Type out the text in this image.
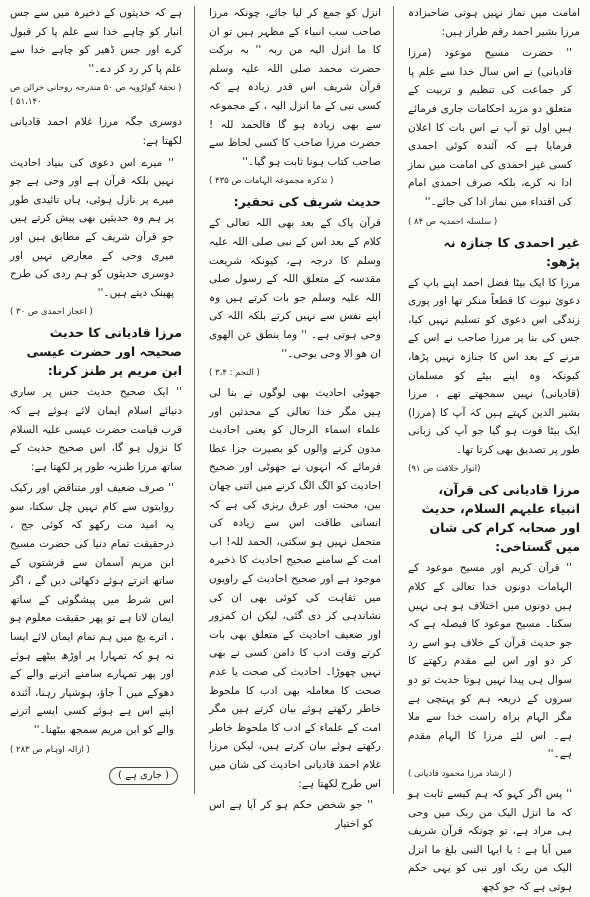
امامت میں نماز نہیں ہوتی صاحبزادہ مرزا بشیر احمد رقم طراز ہیں:

'' حضرت مسیح موعود (مرزا قادیانی) نے اس سال خدا سے علم پا کر جماعت کی تنظیم و تربیت کے متعلق دو مزید احکامات جاری فرمائے ہیں اول تو آپ نے اس بات کا اعلان فرمایا ہے کہ آئندہ کوئی احمدی کسی غیر احمدی کی امامت میں نماز ادا نہ کرے، بلکہ صرف احمدی امام کی اقتداء میں نماز ادا کی جائے۔''

( سلسلہ احمدیہ ص ۸۴ )
غیر احمدی کا جنازہ نہ پڑھو:

مرزا کا ایک بیٹا فضل احمد اپنے باپ کے دعوئ نبوت کا قطعاً منکر تھا اور پوری زندگی اس دعوی کو تسلیم نہیں کیا، جس کی بنا پر مرزا صاحب نے اس کے مرنے کے بعد اس کا جنازہ نہیں پڑھا، کیونکہ وہ اپنے بیٹے کو مسلمان (قادیانی) نہیں سمجھتے تھے ، مرزا بشیر الدین کہتے ہیں کہ آپ کا (مرزا) ایک بیٹا فوت ہو گیا جو آپ کی زبانی طور پر تصدیق بھی کرتا تھا۔

(انوار خلافت ص ۹۱)
مرزا قادیانی کی قرآن، انبیاء علیہم السلام، حدیث اور صحابہ کرام کی شان میں گستاخی:

'' قرآن کریم اور مسیح موعود کے الہامات دونوں خدا تعالی کے کلام ہیں دونوں میں اختلاف ہو ہی نہیں سکتا۔ مسیح موعود کا فیصلہ ہے کہ جو حدیث قرآن کے خلاف ہو اسے رد کر دو اور اس لیے مقدم رکھتے کا سوال ہی پیدا نہیں ہوتا حدیث تو دو سروں کے ذریعہ ہم کو پہنچی ہے مگر الہام براہ راست خدا سے ملا ہے۔ اس لئے مرزا کا الہام مقدم ہے۔''

( ارشاد مرزا محمود قادیانی )

'' پس اگر کہو کہ ہم کیسے ثابت ہو کہ ما انزل الیک من ربک میں وحی ہی مراد ہے، تو چونکہ قرآن شریف میں آیا ہے : یا ایہا النبی بلغ ما انزل الیک من ربک اور نبی کو یہی حکم ہوتی ہے کہ جو کچھ

انزل کو جمع کر لیا جائے، چونکہ مرزا صاحب سب انبیاء کے مظہر ہیں تو ان کا ما انزل الیہ من ربہ '' بہ برکت حضرت محمد صلی اللہ علیہ وسلم قرآن شریف اس قدر زیادہ ہے کہ کسی نبی کے ما انزل الیہ ، کے مجموعہ سے بھی زیادہ ہو گا فالحمد للہ ! حضرت مرزا صاحب کا کسی لحاظ سے صاحب کتاب ہونا ثابت ہو گیا۔''

( تذکرہ مجموعہ الہامات ص ۴۳۵ )
حدیث شریف کی تحقیر:

قرآن پاک کے بعد بھی اللہ تعالی کے کلام کے بعد اس کے نبی صلی اللہ علیہ وسلم کا درجہ ہے، کیونکہ شریعت مقدسہ کے متعلق اللہ کے رسول صلی اللہ علیہ وسلم جو بات کرتے ہیں وہ اپنے نفس سے نہیں کرتے بلکہ اللہ کی وحی ہوتی ہے۔ '' وما ینطق عن الھوی ان ھو الا وحی یوحی۔''

( النجم : ۳،۴ )

جھوٹی احادیث بھی لوگوں نے بنا لی ہیں مگر خدا تعالی کے محدثین اور علماء اسماء الرجال کو یعنی احادیث مدون کرنے والوں کو بصیرت جزا عطا فرمائے کہ انہوں نے جھوٹی اور صحیح احادیث کو الگ الگ کرنے میں اتنی چھان بین، محنت اور عرق ریزی کی ہے کہ انسانی طاقت اس سے زیادہ کی متحمل نہیں ہو سکتی، الحمد للہ! اب امت کے سامنے صحیح احادیث کا ذخیرہ موجود ہے اور صحیح احادیث کے راویوں میں ثقاہت کی کوئی بھی ان کی نشاندہی کر دی گئی، لیکن ان کمزور اور ضعیف احادیث کے متعلق بھی بات کرتے وقت ادب کا دامن کسی نے بھی نہیں چھوڑا۔ احادیث کی صحت یا عدم صحت کا معاملہ بھی ادب کا ملحوظ خاطر رکھتے ہوئے بیان کرتے ہیں مگر امت کے علماء کے ادب کا ملحوظ خاطر رکھتے ہوئے بیان کرتے ہیں، لیکن مرزا غلام احمد قادیانی احادیث کی شان میں اس طرح لکھتا ہے:

'' جو شخص حکم ہو کر آیا ہے اس کو اختیار

ہے کہ حدیثوں کے ذخیرہ میں سے جس انبار کو چاہے خدا سے علم پا کر قبول کرے اور جس ڈھیر کو چاہے خدا سے علم پا کر رد کر دے۔''

( تحفۂ گولڑویہ ص ۵۰ مندرجہ روحانی خزائن ص ۵۱،۱۴۰ )

دوسری جگہ مرزا غلام احمد قادیانی لکھتا ہے:

'' میرے اس دعوی کی بنیاد احادیث نہیں بلکہ قرآن ہے اور وحی ہے جو میرے پر نازل ہوئی، ہاں تائیدی طور پر ہم وہ حدیثیں بھی پیش کرتے ہیں جو قرآن شریف کے مطابق ہیں اور میری وحی کے معارض نہیں اور دوسری حدیثوں کو ہم ردی کی طرح پھینک دیتے ہیں۔''

( اعجاز احمدی ص ۳۰ )
مرزا قادیانی کا حدیث صحیحہ اور حضرت عیسی ابن مریم پر طنز کرنا:

'' ایک صحیح حدیث جس پر ساری دنیائے اسلام ایمان لائے ہوئے ہے کہ قرب قیامت حضرت عیسی علیہ السلام کا نزول ہو گا، اس صحیح حدیث کے ساتھ مرزا طنزیہ طور پر لکھتا ہے:

'' صرف ضعیف اور متناقض اور رکیک روایتوں سے کام نہیں چل سکتا، سو یہ امید مت رکھو کہ کوئی جج ، درحقیقت تمام دنیا کی حضرت مسیح ابن مریم آسمان سے فرشتوں کے ساتھ اترتے ہوئے دکھائی دیں گے ، اگر اس شرط میں پیشگوئی کے ساتھ ایمان لاتا ہے تو پھر حقیقت معلوم ہو ، اترے بچ میں ہم تمام ایمان لائے ایسا نہ ہو کہ تمہارا پر اوڑھ بیٹھے ہوئے اور پھر تمہارے سامنے اترنے والے کے دھوکے میں آ جاؤ، ہوشیار رہنا، آئندہ اپنے اس ہے ہوئے کسی ایسے اترنے والے کو ابن مریم سمجھ بیٹھنا۔''

( ازالہ اوہام ص ۲۸۳ )
( جاری ہے )
